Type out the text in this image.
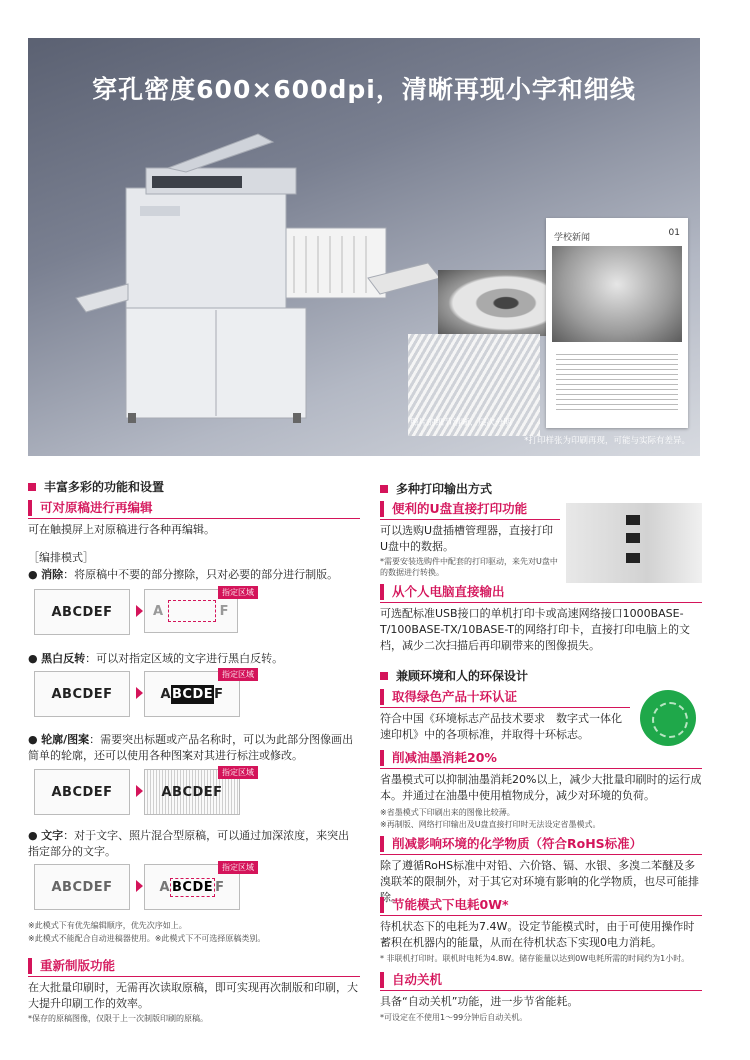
穿孔密度600×600dpi，清晰再现小字和细线
学校新闻	01
照片的细节清晰、层次分明
*打印样张为印刷再现，可能与实际有差异。
丰富多彩的功能和设置
可对原稿进行再编辑
可在触摸屏上对原稿进行各种再编辑。
［编排模式］
● 消除：将原稿中不要的部分擦除，只对必要的部分进行制版。
ABCDEF	A	F
指定区域
● 黑白反转：可以对指定区域的文字进行黑白反转。
ABCDEF	A BCDE F
指定区域
● 轮廓/图案：需要突出标题或产品名称时，可以为此部分图像画出简单的轮廓，还可以使用各种图案对其进行标注或修改。
ABCDEF	ABCDEF
指定区域
● 文字：对于文字、照片混合型原稿，可以通过加深浓度，来突出指定部分的文字。
ABCDEF	A BCDE F
指定区域
※此模式下有优先编辑顺序，优先次序如上。
※此模式不能配合自动进稿器使用。※此模式下不可选择原稿类别。
重新制版功能
在大批量印刷时，无需再次读取原稿，即可实现再次制版和印刷，大大提升印刷工作的效率。
*保存的原稿图像，仅限于上一次制版印刷的原稿。
多种打印输出方式
便利的U盘直接打印功能
可以选购U盘插槽管理器，直接打印U盘中的数据。
*需要安装选购件中配套的打印驱动，来先对U盘中的数据进行转换。
从个人电脑直接输出
可选配标准USB接口的单机打印卡或高速网络接口1000BASE-T/100BASE-TX/10BASE-T的网络打印卡，直接打印电脑上的文档，减少二次扫描后再印刷带来的图像损失。
兼顾环境和人的环保设计
取得绿色产品十环认证
符合中国《环境标志产品技术要求　数字式一体化速印机》中的各项标准，并取得十环标志。
削减油墨消耗20%
省墨模式可以抑制油墨消耗20%以上，减少大批量印刷时的运行成本。并通过在油墨中使用植物成分，减少对环境的负荷。
※省墨模式下印刷出来的图像比较薄。
※再制版、网络打印输出及U盘直接打印时无法设定省墨模式。
削减影响环境的化学物质（符合RoHS标准）
除了遵循RoHS标准中对铅、六价铬、镉、水银、多溴二苯醚及多溴联苯的限制外，对于其它对环境有影响的化学物质，也尽可能排除。
节能模式下电耗0W*
待机状态下的电耗为7.4W。设定节能模式时，由于可使用操作时蓄积在机器内的能量，从而在待机状态下实现0电力消耗。
* 非联机打印时。联机时电耗为4.8W。储存能量以达到0W电耗所需的时间约为1小时。
自动关机
具备“自动关机”功能，进一步节省能耗。
*可设定在不使用1～99分钟后自动关机。
